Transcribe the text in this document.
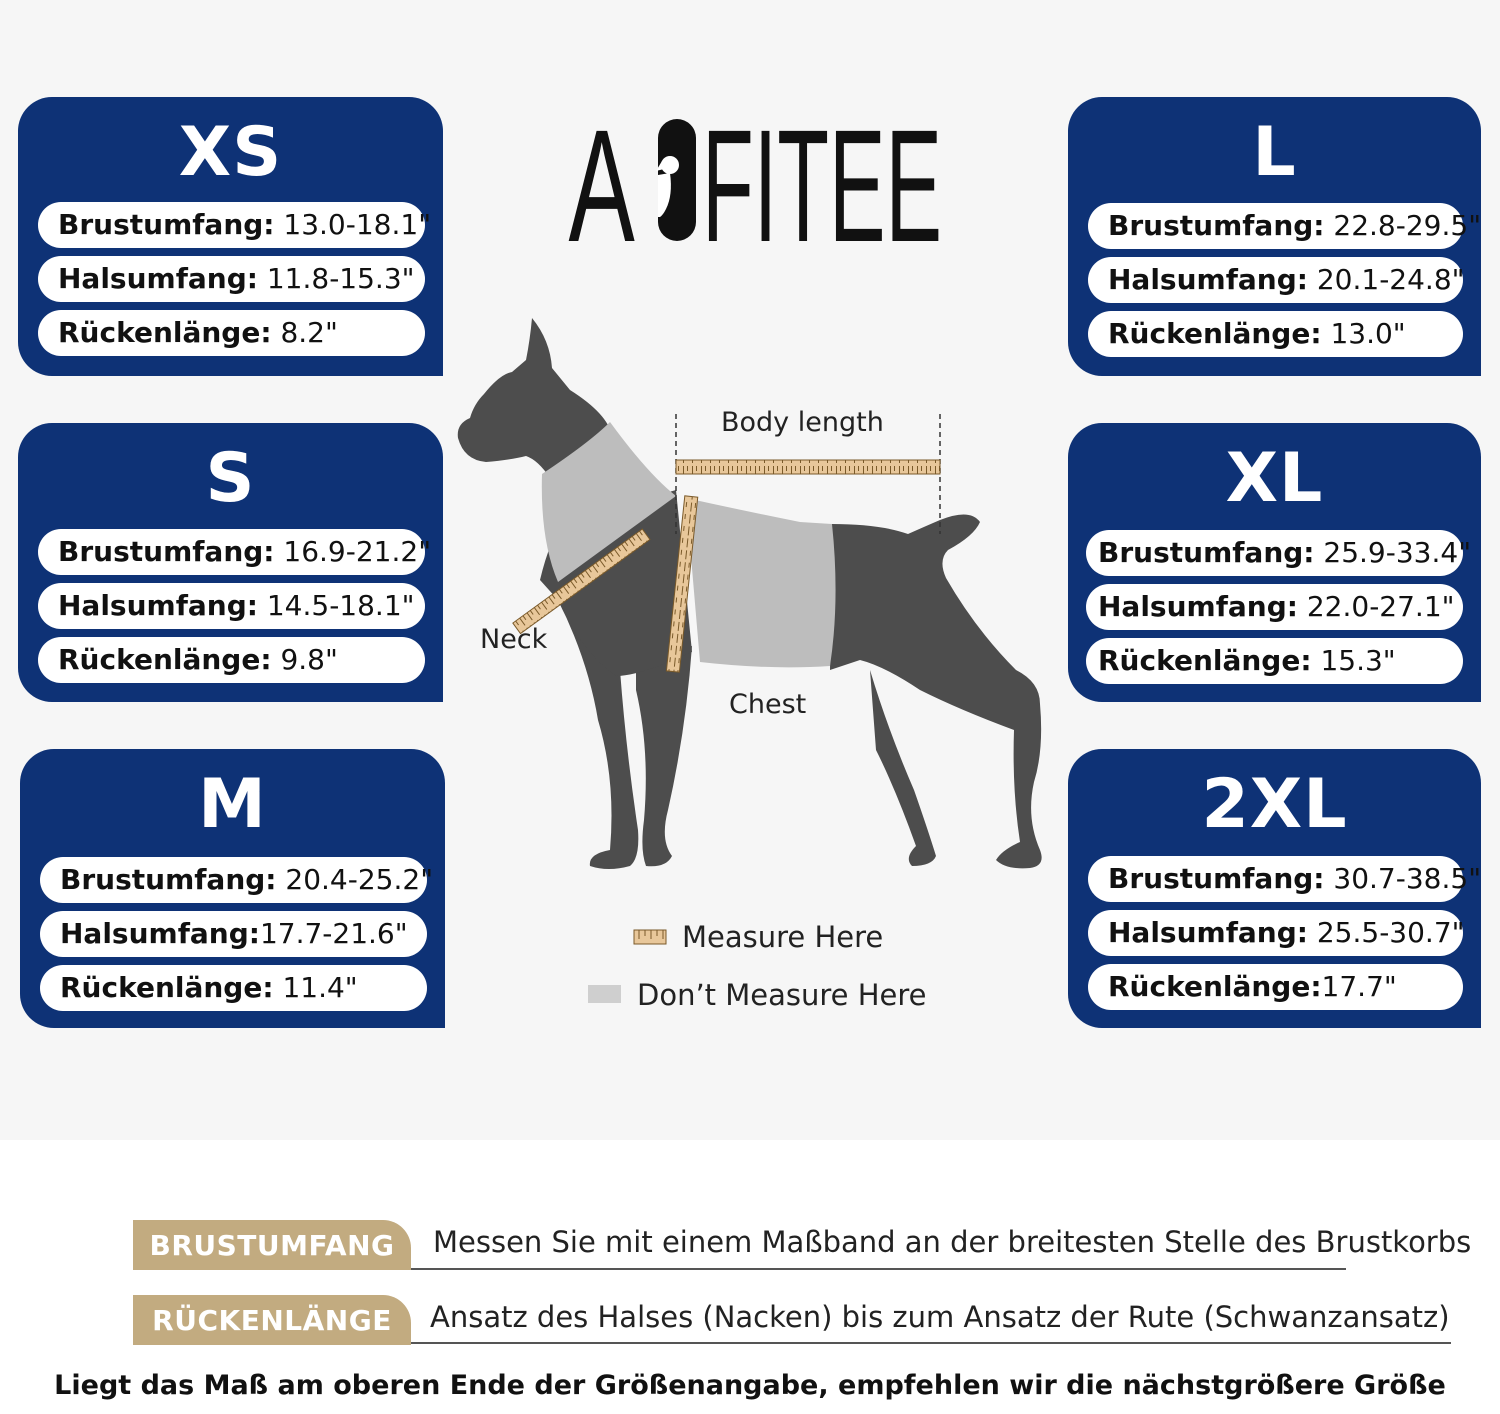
A FITEE
XS
Brustumfang: 13.0-18.1"
Halsumfang: 11.8-15.3"
Rückenlänge: 8.2"
S
Brustumfang: 16.9-21.2"
Halsumfang: 14.5-18.1"
Rückenlänge: 9.8"
M
Brustumfang: 20.4-25.2"
Halsumfang:17.7-21.6"
Rückenlänge: 11.4"
L
Brustumfang: 22.8-29.5"
Halsumfang: 20.1-24.8"
Rückenlänge: 13.0"
XL
Brustumfang: 25.9-33.4"
Halsumfang: 22.0-27.1"
Rückenlänge: 15.3"
2XL
Brustumfang: 30.7-38.5"
Halsumfang: 25.5-30.7"
Rückenlänge:17.7"
Body length
Neck
Chest
Measure Here
Don’t Measure Here
BRUSTUMFANG	Messen Sie mit einem Maßband an der breitesten Stelle des Brustkorbs
RÜCKENLÄNGE	Ansatz des Halses (Nacken) bis zum Ansatz der Rute (Schwanzansatz)
Liegt das Maß am oberen Ende der Größenangabe, empfehlen wir die nächstgrößere Größe
